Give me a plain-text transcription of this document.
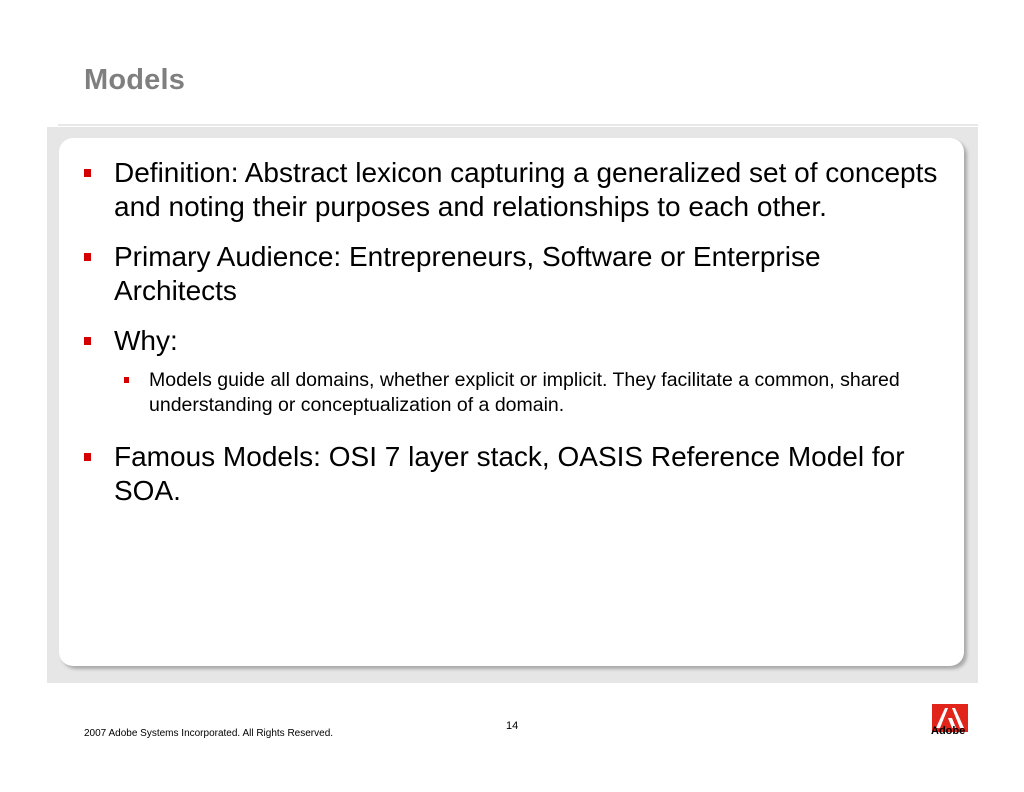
Models
Definition: Abstract lexicon capturing a generalized set of concepts and noting their purposes and relationships to each other.
Primary Audience: Entrepreneurs, Software or Enterprise Architects
Why:
Models guide all domains, whether explicit or implicit. They facilitate a common, shared understanding or conceptualization of a domain.
Famous Models: OSI 7 layer stack, OASIS Reference Model for SOA.
14
2007 Adobe Systems Incorporated. All Rights Reserved.	Adobe
